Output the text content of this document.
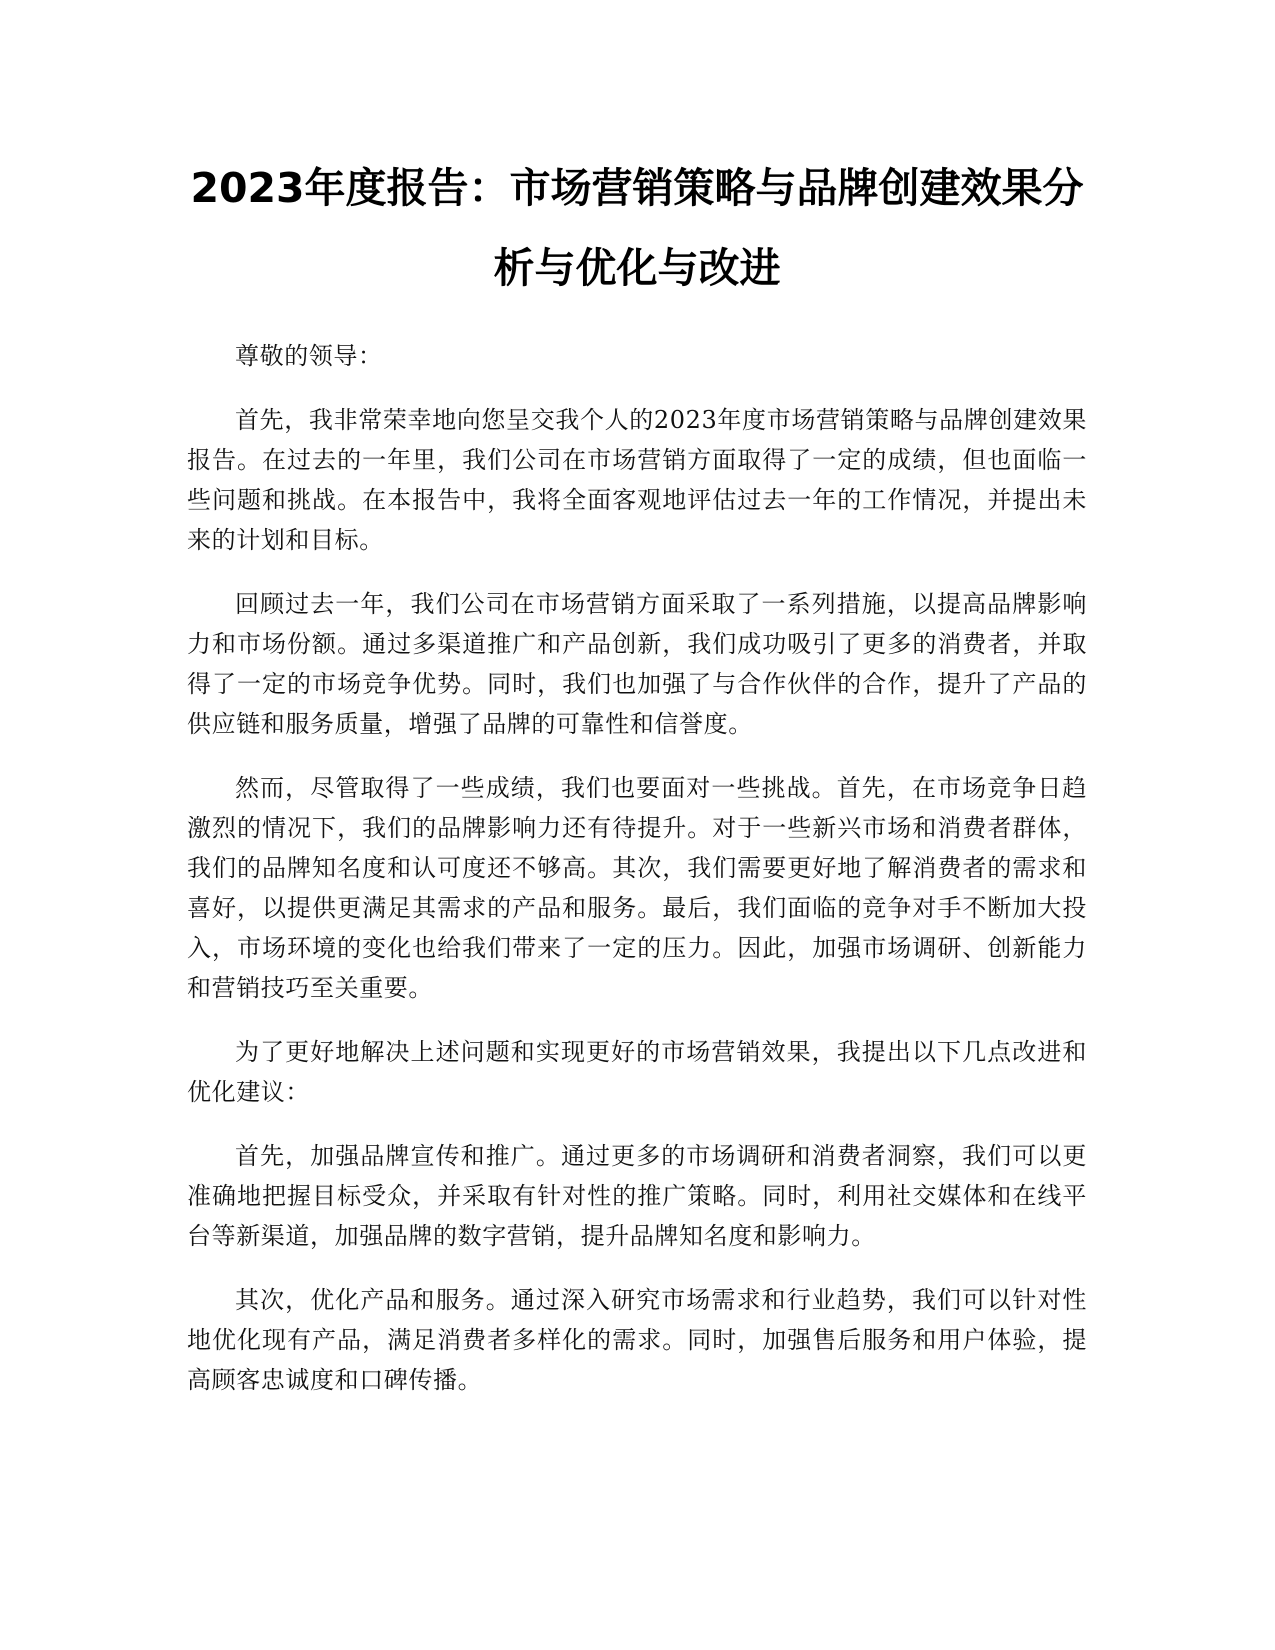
2023年度报告：市场营销策略与品牌创建效果分析与优化与改进

尊敬的领导：

首先，我非常荣幸地向您呈交我个人的2023年度市场营销策略与品牌创建效果报告。在过去的一年里，我们公司在市场营销方面取得了一定的成绩，但也面临一些问题和挑战。在本报告中，我将全面客观地评估过去一年的工作情况，并提出未来的计划和目标。

回顾过去一年，我们公司在市场营销方面采取了一系列措施，以提高品牌影响力和市场份额。通过多渠道推广和产品创新，我们成功吸引了更多的消费者，并取得了一定的市场竞争优势。同时，我们也加强了与合作伙伴的合作，提升了产品的供应链和服务质量，增强了品牌的可靠性和信誉度。

然而，尽管取得了一些成绩，我们也要面对一些挑战。首先，在市场竞争日趋激烈的情况下，我们的品牌影响力还有待提升。对于一些新兴市场和消费者群体，我们的品牌知名度和认可度还不够高。其次，我们需要更好地了解消费者的需求和喜好，以提供更满足其需求的产品和服务。最后，我们面临的竞争对手不断加大投入，市场环境的变化也给我们带来了一定的压力。因此，加强市场调研、创新能力和营销技巧至关重要。

为了更好地解决上述问题和实现更好的市场营销效果，我提出以下几点改进和优化建议：

首先，加强品牌宣传和推广。通过更多的市场调研和消费者洞察，我们可以更准确地把握目标受众，并采取有针对性的推广策略。同时，利用社交媒体和在线平台等新渠道，加强品牌的数字营销，提升品牌知名度和影响力。

其次，优化产品和服务。通过深入研究市场需求和行业趋势，我们可以针对性地优化现有产品，满足消费者多样化的需求。同时，加强售后服务和用户体验，提高顾客忠诚度和口碑传播。
